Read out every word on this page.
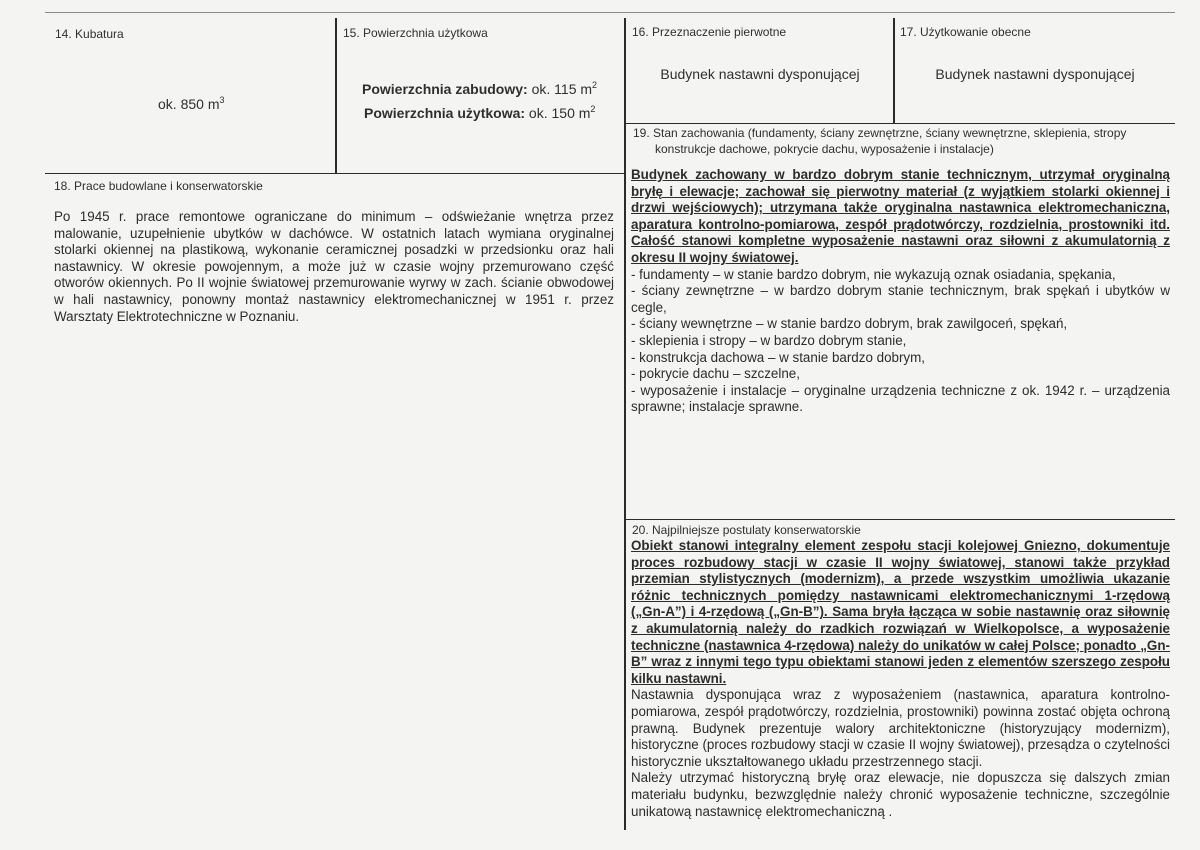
14. Kubatura
ok. 850 $m^3$
15. Powierzchnia użytkowa
Powierzchnia zabudowy: ok. 115 $m^2$
Powierzchnia użytkowa: ok. 150 $m^2$
16. Przeznaczenie pierwotne
Budynek nastawni dysponującej
17. Użytkowanie obecne
Budynek nastawni dysponującej
18. Prace budowlane i konserwatorskie
Po 1945 r. prace remontowe ograniczane do minimum – odświeżanie wnętrza przez malowanie, uzupełnienie ubytków w dachówce. W ostatnich latach wymiana oryginalnej stolarki okiennej na plastikową, wykonanie ceramicznej posadzki w przedsionku oraz hali nastawnicy. W okresie powojennym, a może już w czasie wojny przemurowano część otworów okiennych. Po II wojnie światowej przemurowanie wyrwy w zach. ścianie obwodowej w hali nastawnicy, ponowny montaż nastawnicy elektromechanicznej w 1951 r. przez Warsztaty Elektrotechniczne w Poznaniu.
19. Stan zachowania (fundamenty, ściany zewnętrzne, ściany wewnętrzne, sklepienia, stropy
konstrukcje dachowe, pokrycie dachu, wyposażenie i instalacje)
Budynek zachowany w bardzo dobrym stanie technicznym, utrzymał oryginalną bryłę i elewacje; zachował się pierwotny materiał (z wyjątkiem stolarki okiennej i drzwi wejściowych); utrzymana także oryginalna nastawnica elektromechaniczna, aparatura kontrolno-pomiarowa, zespół prądotwórczy, rozdzielnia, prostowniki itd. Całość stanowi kompletne wyposażenie nastawni oraz siłowni z akumulatornią z okresu II wojny światowej.
- fundamenty – w stanie bardzo dobrym, nie wykazują oznak osiadania, spękania,
- ściany zewnętrzne – w bardzo dobrym stanie technicznym, brak spękań i ubytków w cegle,
- ściany wewnętrzne – w stanie bardzo dobrym, brak zawilgoceń, spękań,
- sklepienia i stropy – w bardzo dobrym stanie,
- konstrukcja dachowa – w stanie bardzo dobrym,
- pokrycie dachu – szczelne,
- wyposażenie i instalacje – oryginalne urządzenia techniczne z ok. 1942 r. – urządzenia sprawne; instalacje sprawne.
20. Najpilniejsze postulaty konserwatorskie
Obiekt stanowi integralny element zespołu stacji kolejowej Gniezno, dokumentuje proces rozbudowy stacji w czasie II wojny światowej, stanowi także przykład przemian stylistycznych (modernizm), a przede wszystkim umożliwia ukazanie różnic technicznych pomiędzy nastawnicami elektromechanicznymi 1-rzędową („Gn-A”) i 4-rzędową („Gn-B”). Sama bryła łącząca w sobie nastawnię oraz siłownię z akumulatornią należy do rzadkich rozwiązań w Wielkopolsce, a wyposażenie techniczne (nastawnica 4-rzędowa) należy do unikatów w całej Polsce; ponadto „Gn-B” wraz z innymi tego typu obiektami stanowi jeden z elementów szerszego zespołu kilku nastawni.
Nastawnia dysponująca wraz z wyposażeniem (nastawnica, aparatura kontrolno-pomiarowa, zespół prądotwórczy, rozdzielnia, prostowniki) powinna zostać objęta ochroną prawną. Budynek prezentuje walory architektoniczne (historyzujący modernizm), historyczne (proces rozbudowy stacji w czasie II wojny światowej), przesądza o czytelności historycznie ukształtowanego układu przestrzennego stacji.
Należy utrzymać historyczną bryłę oraz elewacje, nie dopuszcza się dalszych zmian materiału budynku, bezwzględnie należy chronić wyposażenie techniczne, szczególnie unikatową nastawnicę elektromechaniczną .
